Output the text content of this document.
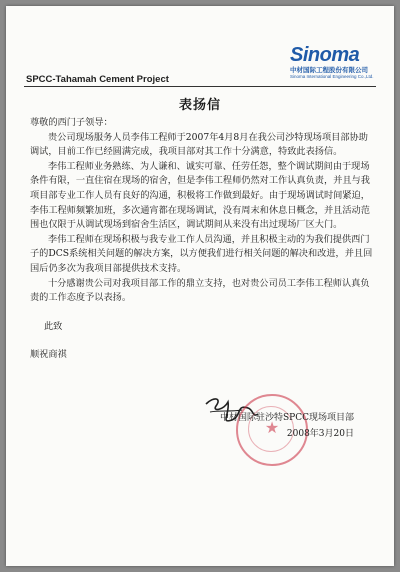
Sinoma
中材国际工程股份有限公司
Sinoma International Engineering Co.,Ltd.
SPCC-Tahamah Cement Project
表扬信

尊敬的西门子领导：

贵公司现场服务人员李伟工程师于2007年4月8月在我公司沙特现场项目部协助调试，目前工作已经圆满完成，我项目部对其工作十分满意，特致此表扬信。

李伟工程师业务熟练、为人谦和、诚实可靠、任劳任怨，整个调试期间由于现场条件有限，一直住宿在现场的宿舍，但是李伟工程师仍然对工作认真负责，并且与我项目部专业工作人员有良好的沟通，积极将工作做到最好。由于现场调试时间紧迫，李伟工程师频繁加班，多次通宵都在现场调试，没有周末和休息日概念，并且活动范围也仅限于从调试现场到宿舍生活区，调试期间从来没有出过现场厂区大门。

李伟工程师在现场积极与我专业工作人员沟通，并且积极主动的为我们提供西门子的DCS系统相关问题的解决方案，以方便我们进行相关问题的解决和改进，并且回国后仍多次为我项目部提供技术支持。

十分感谢贵公司对我项目部工作的鼎立支持，也对贵公司员工李伟工程师认真负责的工作态度予以表扬。

此致

顺祝商祺

★
中材国际驻沙特SPCC现场项目部
2008年3月20日
